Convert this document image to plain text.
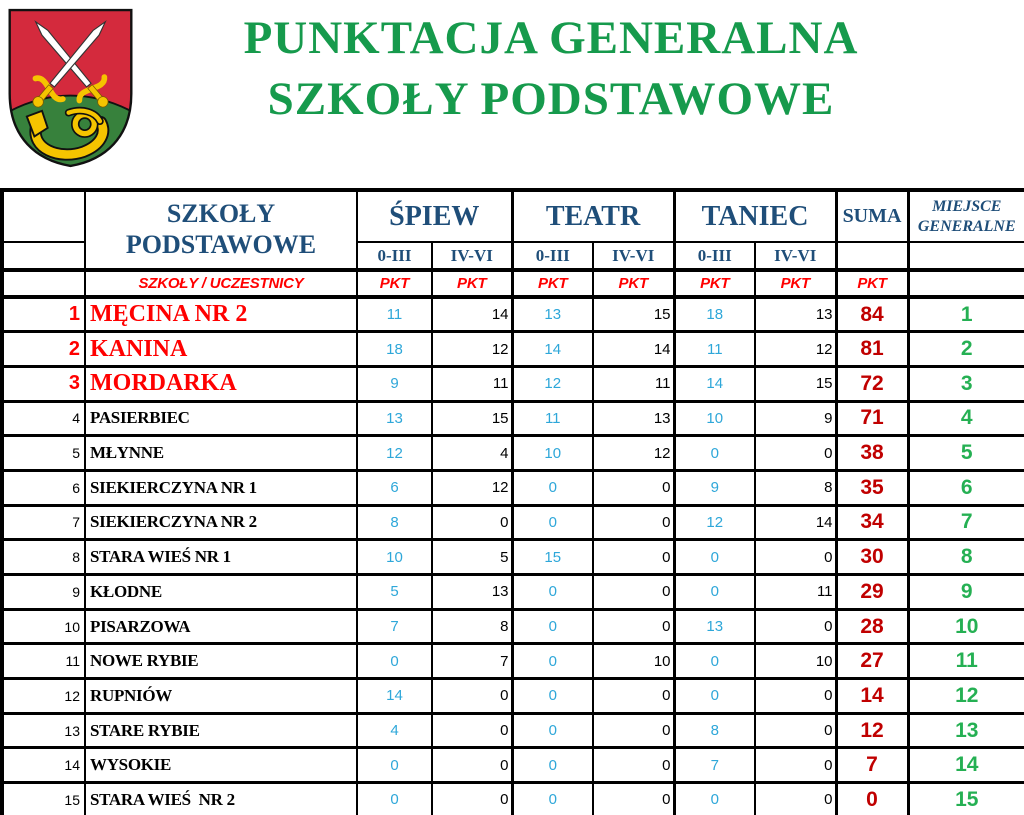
PUNKTACJA GENERALNA
SZKOŁY PODSTAWOWE

SZKOŁY
PODSTAWOWE
	ŚPIEW	TEATR	TANIEC	SUMA	MIEJSCE
GENERALNE

		0-III	IV-VI	0-III	IV-VI	0-III	IV-VI		
	SZKOŁY / UCZESTNICY	PKT	PKT	PKT	PKT	PKT	PKT	PKT	
1	MĘCINA NR 2	11	14	13	15	18	13	84	1
2	KANINA	18	12	14	14	11	12	81	2
3	MORDARKA	9	11	12	11	14	15	72	3
4	PASIERBIEC	13	15	11	13	10	9	71	4
5	MŁYNNE	12	4	10	12	0	0	38	5
6	SIEKIERCZYNA NR 1	6	12	0	0	9	8	35	6
7	SIEKIERCZYNA NR 2	8	0	0	0	12	14	34	7
8	STARA WIEŚ NR 1	10	5	15	0	0	0	30	8
9	KŁODNE	5	13	0	0	0	11	29	9
10	PISARZOWA	7	8	0	0	13	0	28	10
11	NOWE RYBIE	0	7	0	10	0	10	27	11
12	RUPNIÓW	14	0	0	0	0	0	14	12
13	STARE RYBIE	4	0	0	0	8	0	12	13
14	WYSOKIE	0	0	0	0	7	0	7	14
15	STARA WIEŚ  NR 2	0	0	0	0	0	0	0	15
